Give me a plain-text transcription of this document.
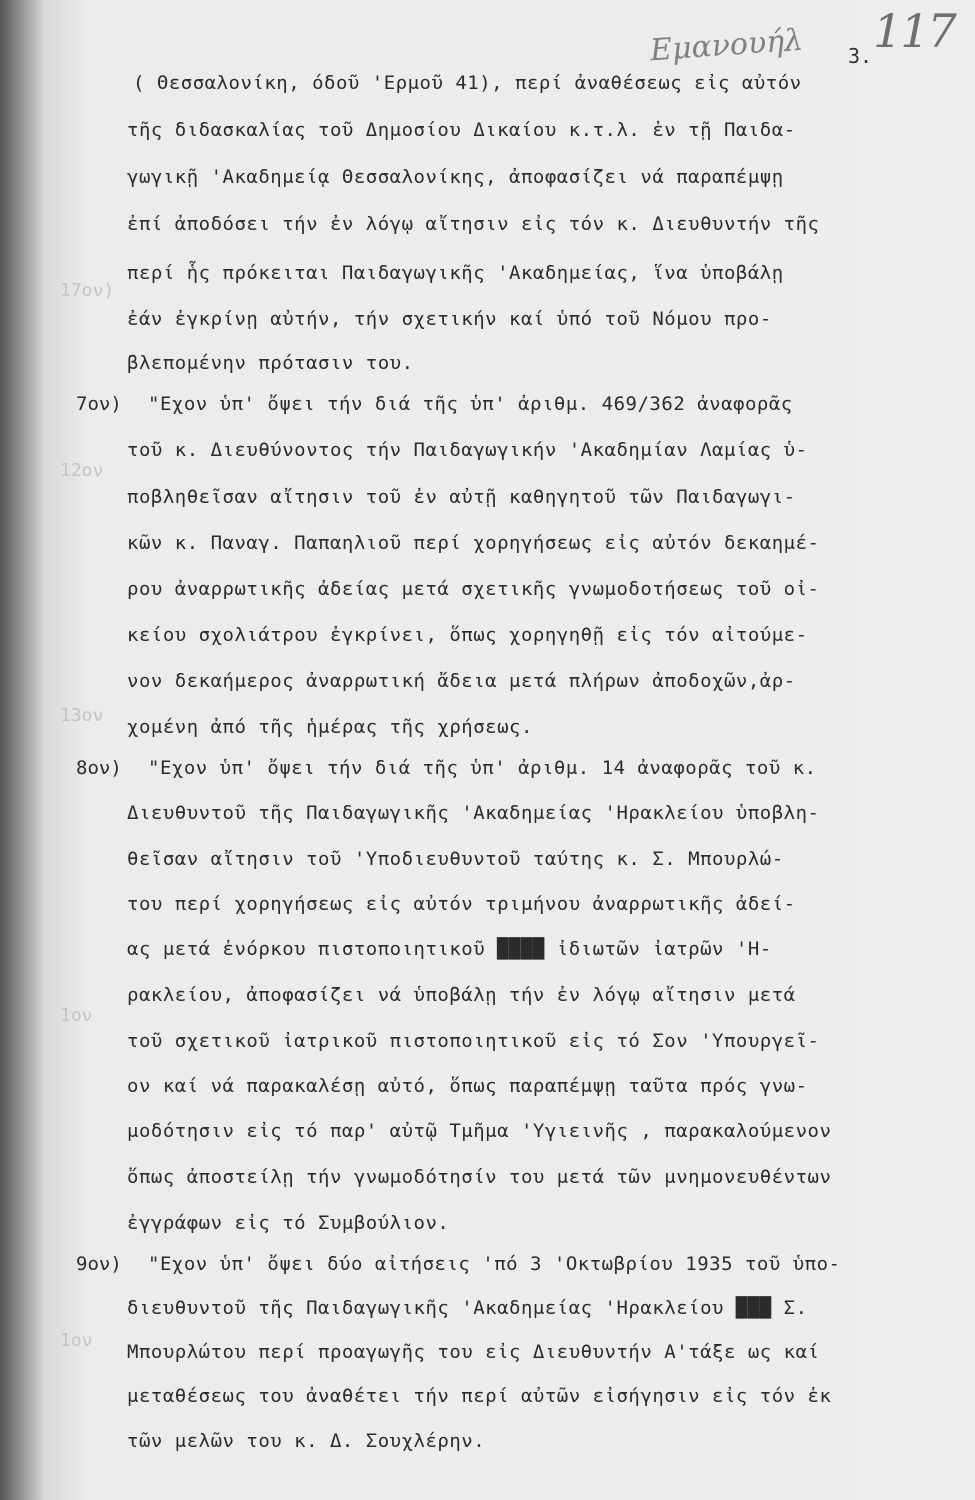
117
Εμανουήλ 3.
( Θεσσαλονίκη, όδοῦ 'Ερμοῦ 41), περί ἀναθέσεως εἰς αὐτόν
τῆς διδασκαλίας τοῦ Δημοσίου Δικαίου κ.τ.λ. ἐν τῇ Παιδα-
γωγικῇ 'Ακαδημείᾳ Θεσσαλονίκης, ἀποφασίζει νά παραπέμψῃ
ἐπί ἀποδόσει τήν ἐν λόγῳ αἴτησιν εἰς τόν κ. Διευθυντήν τῆς
περί ἧς πρόκειται Παιδαγωγικῆς 'Ακαδημείας, ἵνα ὑποβάλῃ
ἐάν ἐγκρίνῃ αὐτήν, τήν σχετικήν καί ὑπό τοῦ Νόμου προ-
βλεπομένην πρότασιν του.
7ον) "Εχον ὑπ' ὄψει τήν διά τῆς ὑπ' ἀριθμ. 469/362 ἀναφορᾶς
τοῦ κ. Διευθύνοντος τήν Παιδαγωγικήν 'Ακαδημίαν Λαμίας ὑ-
ποβληθεῖσαν αἴτησιν τοῦ ἐν αὐτῇ καθηγητοῦ τῶν Παιδαγωγι-
κῶν κ. Παναγ. Παπαηλιοῦ περί χορηγήσεως εἰς αὐτόν δεκαημέ-
ρου ἀναρρωτικῆς ἀδείας μετά σχετικῆς γνωμοδοτήσεως τοῦ οἰ-
κείου σχολιάτρου ἐγκρίνει, ὅπως χορηγηθῇ εἰς τόν αἰτούμε-
νον δεκαήμερος ἀναρρωτική ἄδεια μετά πλήρων ἀποδοχῶν,ἀρ-
χομένη ἀπό τῆς ἡμέρας τῆς χρήσεως.
8ον) "Εχον ὑπ' ὄψει τήν διά τῆς ὑπ' ἀριθμ. 14 ἀναφορᾶς τοῦ κ.
Διευθυντοῦ τῆς Παιδαγωγικῆς 'Ακαδημείας 'Ηρακλείου ὑποβλη-
θεῖσαν αἴτησιν τοῦ 'Υποδιευθυντοῦ ταύτης κ. Σ. Μπουρλώ-
του περί χορηγήσεως εἰς αὐτόν τριμήνου ἀναρρωτικῆς ἀδεί-
ας μετά ἐνόρκου πιστοποιητικοῦ ████ ἰδιωτῶν ἰατρῶν 'Η-
ρακλείου, ἀποφασίζει νά ὑποβάλῃ τήν ἐν λόγῳ αἴτησιν μετά
τοῦ σχετικοῦ ἰατρικοῦ πιστοποιητικοῦ εἰς τό Σον 'Υπουργεῖ-
ον καί νά παρακαλέσῃ αὐτό, ὅπως παραπέμψῃ ταῦτα πρός γνω-
μοδότησιν εἰς τό παρ' αὐτῷ Τμῆμα 'Υγιεινῆς , παρακαλούμενον
ὅπως ἀποστείλῃ τήν γνωμοδότησίν του μετά τῶν μνημονευθέντων
ἐγγράφων εἰς τό Συμβούλιον.
9ον) "Εχον ὑπ' ὄψει δύο αἰτήσεις 'πό 3 'Οκτωβρίου 1935 τοῦ ὑπο-
διευθυντοῦ τῆς Παιδαγωγικῆς 'Ακαδημείας 'Ηρακλείου ███ Σ.
Μπουρλώτου περί προαγωγῆς του εἰς Διευθυντήν Α'τάξε ως καί
μεταθέσεως του ἀναθέτει τήν περί αὐτῶν εἰσήγησιν εἰς τόν ἐκ
τῶν μελῶν του κ. Δ. Σουχλέρην.
17ον)
12ον
13ον
1ον
1ον
